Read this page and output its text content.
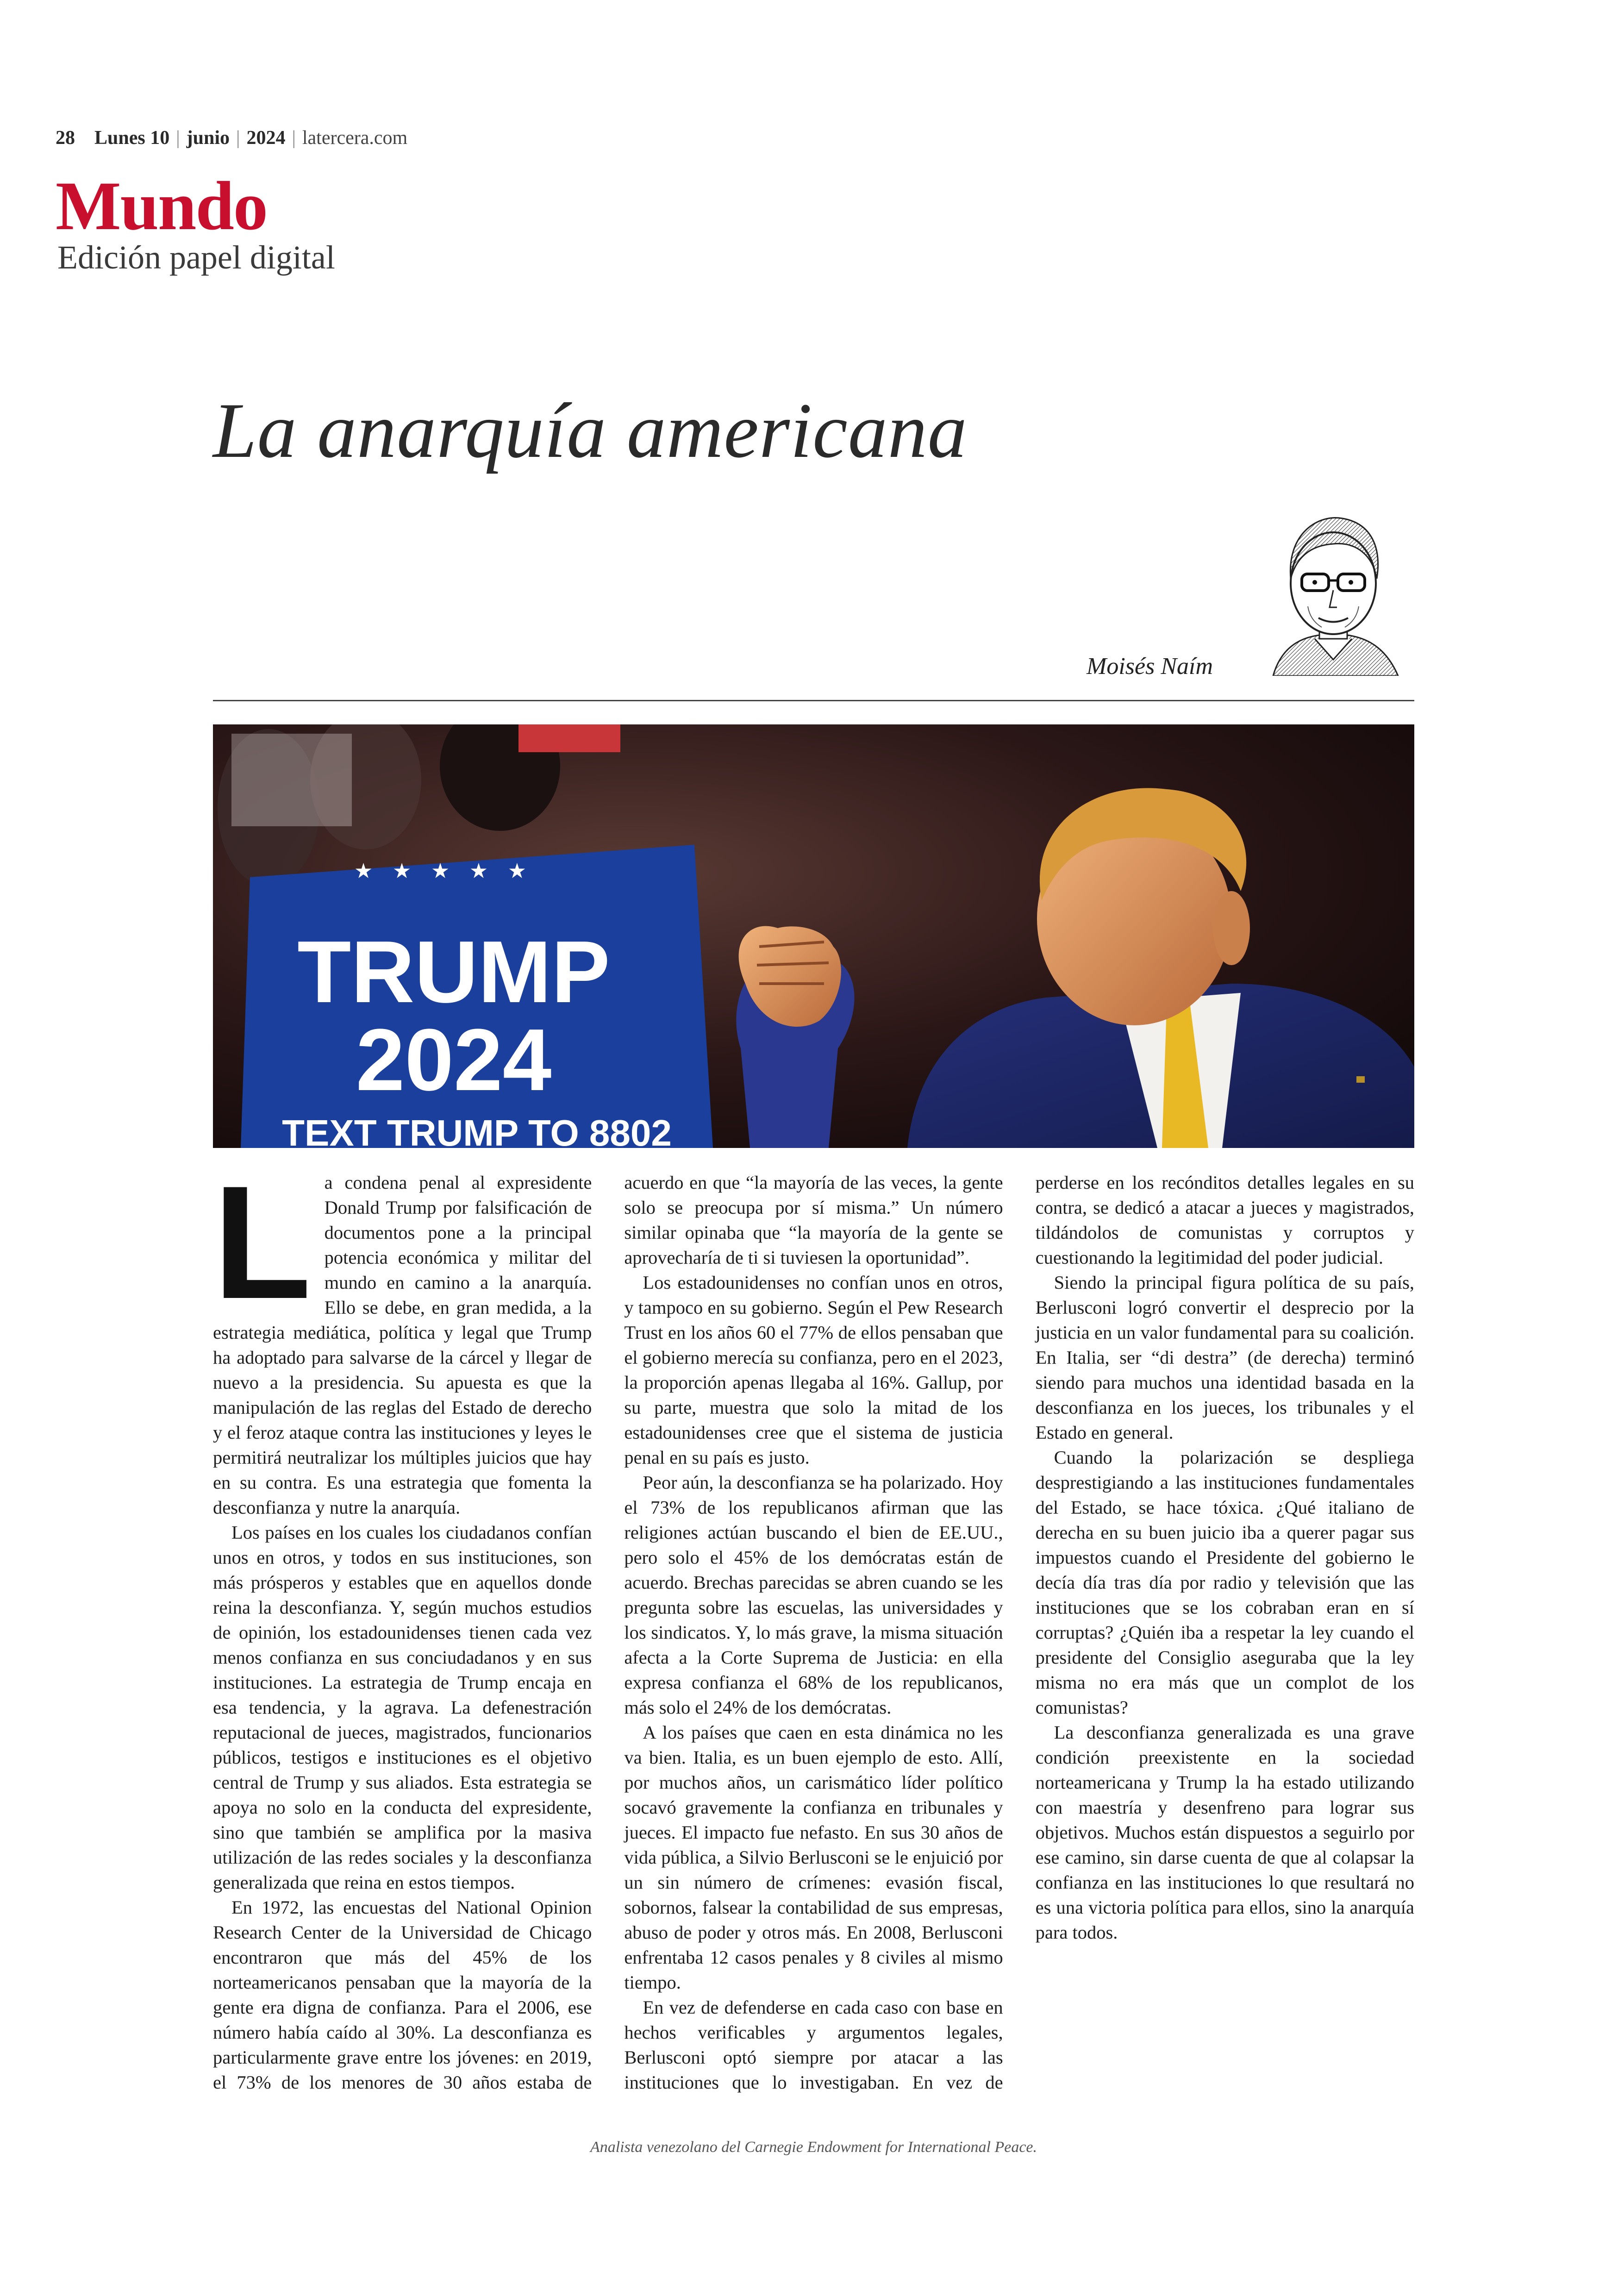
28 Lunes 10 | junio | 2024 | latercera.com
Mundo
Edición papel digital
La anarquía americana
Moisés Naím
★ ★ ★ ★ ★
TRUMP
2024
TEXT TRUMP TO 8802

La condena penal al expresidente Donald Trump por falsificación de documentos pone a la principal potencia económica y militar del mundo en camino a la anarquía. Ello se debe, en gran medida, a la estrategia mediática, política y legal que Trump ha adoptado para salvarse de la cárcel y llegar de nuevo a la presidencia. Su apuesta es que la manipulación de las reglas del Estado de derecho y el feroz ataque contra las instituciones y leyes le permitirá neutralizar los múltiples juicios que hay en su contra. Es una estrategia que fomenta la desconfianza y nutre la anarquía.

Los países en los cuales los ciudadanos confían unos en otros, y todos en sus instituciones, son más prósperos y estables que en aquellos donde reina la desconfianza. Y, según muchos estudios de opinión, los estadounidenses tienen cada vez menos confianza en sus conciudadanos y en sus instituciones. La estrategia de Trump encaja en esa tendencia, y la agrava. La defenestración reputacional de jueces, magistrados, funcionarios públicos, testigos e instituciones es el objetivo central de Trump y sus aliados. Esta estrategia se apoya no solo en la conducta del expresidente, sino que también se amplifica por la masiva utilización de las redes sociales y la desconfianza generalizada que reina en estos tiempos.

En 1972, las encuestas del National Opinion Research Center de la Universidad de Chicago encontraron que más del 45% de los norteamericanos pensaban que la mayoría de la gente era digna de confianza. Para el 2006, ese número había caído al 30%. La desconfianza es particularmente grave entre los jóvenes: en 2019, el 73% de los menores de 30 años estaba de acuerdo en que “la mayoría de las veces, la gente solo se preocupa por sí misma.” Un número similar opinaba que “la mayoría de la gente se aprovecharía de ti si tuviesen la oportunidad”.

Los estadounidenses no confían unos en otros, y tampoco en su gobierno. Según el Pew Research Trust en los años 60 el 77% de ellos pensaban que el gobierno merecía su confianza, pero en el 2023, la proporción apenas llegaba al 16%. Gallup, por su parte, muestra que solo la mitad de los estadounidenses cree que el sistema de justicia penal en su país es justo.

Peor aún, la desconfianza se ha polarizado. Hoy el 73% de los republicanos afirman que las religiones actúan buscando el bien de EE.UU., pero solo el 45% de los demócratas están de acuerdo. Brechas parecidas se abren cuando se les pregunta sobre las escuelas, las universidades y los sindicatos. Y, lo más grave, la misma situación afecta a la Corte Suprema de Justicia: en ella expresa confianza el 68% de los republicanos, más solo el 24% de los demócratas.

A los países que caen en esta dinámica no les va bien. Italia, es un buen ejemplo de esto. Allí, por muchos años, un carismático líder político socavó gravemente la confianza en tribunales y jueces. El impacto fue nefasto. En sus 30 años de vida pública, a Silvio Berlusconi se le enjuició por un sin número de crímenes: evasión fiscal, sobornos, falsear la contabilidad de sus empresas, abuso de poder y otros más. En 2008, Berlusconi enfrentaba 12 casos penales y 8 civiles al mismo tiempo.

En vez de defenderse en cada caso con base en hechos verificables y argumentos legales, Berlusconi optó siempre por atacar a las instituciones que lo investigaban. En vez de perderse en los recónditos detalles legales en su contra, se dedicó a atacar a jueces y magistrados, tildándolos de comunistas y corruptos y cuestionando la legitimidad del poder judicial.

Siendo la principal figura política de su país, Berlusconi logró convertir el desprecio por la justicia en un valor fundamental para su coalición. En Italia, ser “di destra” (de derecha) terminó siendo para muchos una identidad basada en la desconfianza en los jueces, los tribunales y el Estado en general.

Cuando la polarización se despliega desprestigiando a las instituciones fundamentales del Estado, se hace tóxica. ¿Qué italiano de derecha en su buen juicio iba a querer pagar sus impuestos cuando el Presidente del gobierno le decía día tras día por radio y televisión que las instituciones que se los cobraban eran en sí corruptas? ¿Quién iba a respetar la ley cuando el presidente del Consiglio aseguraba que la ley misma no era más que un complot de los comunistas?

La desconfianza generalizada es una grave condición preexistente en la sociedad norteamericana y Trump la ha estado utilizando con maestría y desenfreno para lograr sus objetivos. Muchos están dispuestos a seguirlo por ese camino, sin darse cuenta de que al colapsar la confianza en las instituciones lo que resultará no es una victoria política para ellos, sino la anarquía para todos.

Analista venezolano del Carnegie Endowment for International Peace.
